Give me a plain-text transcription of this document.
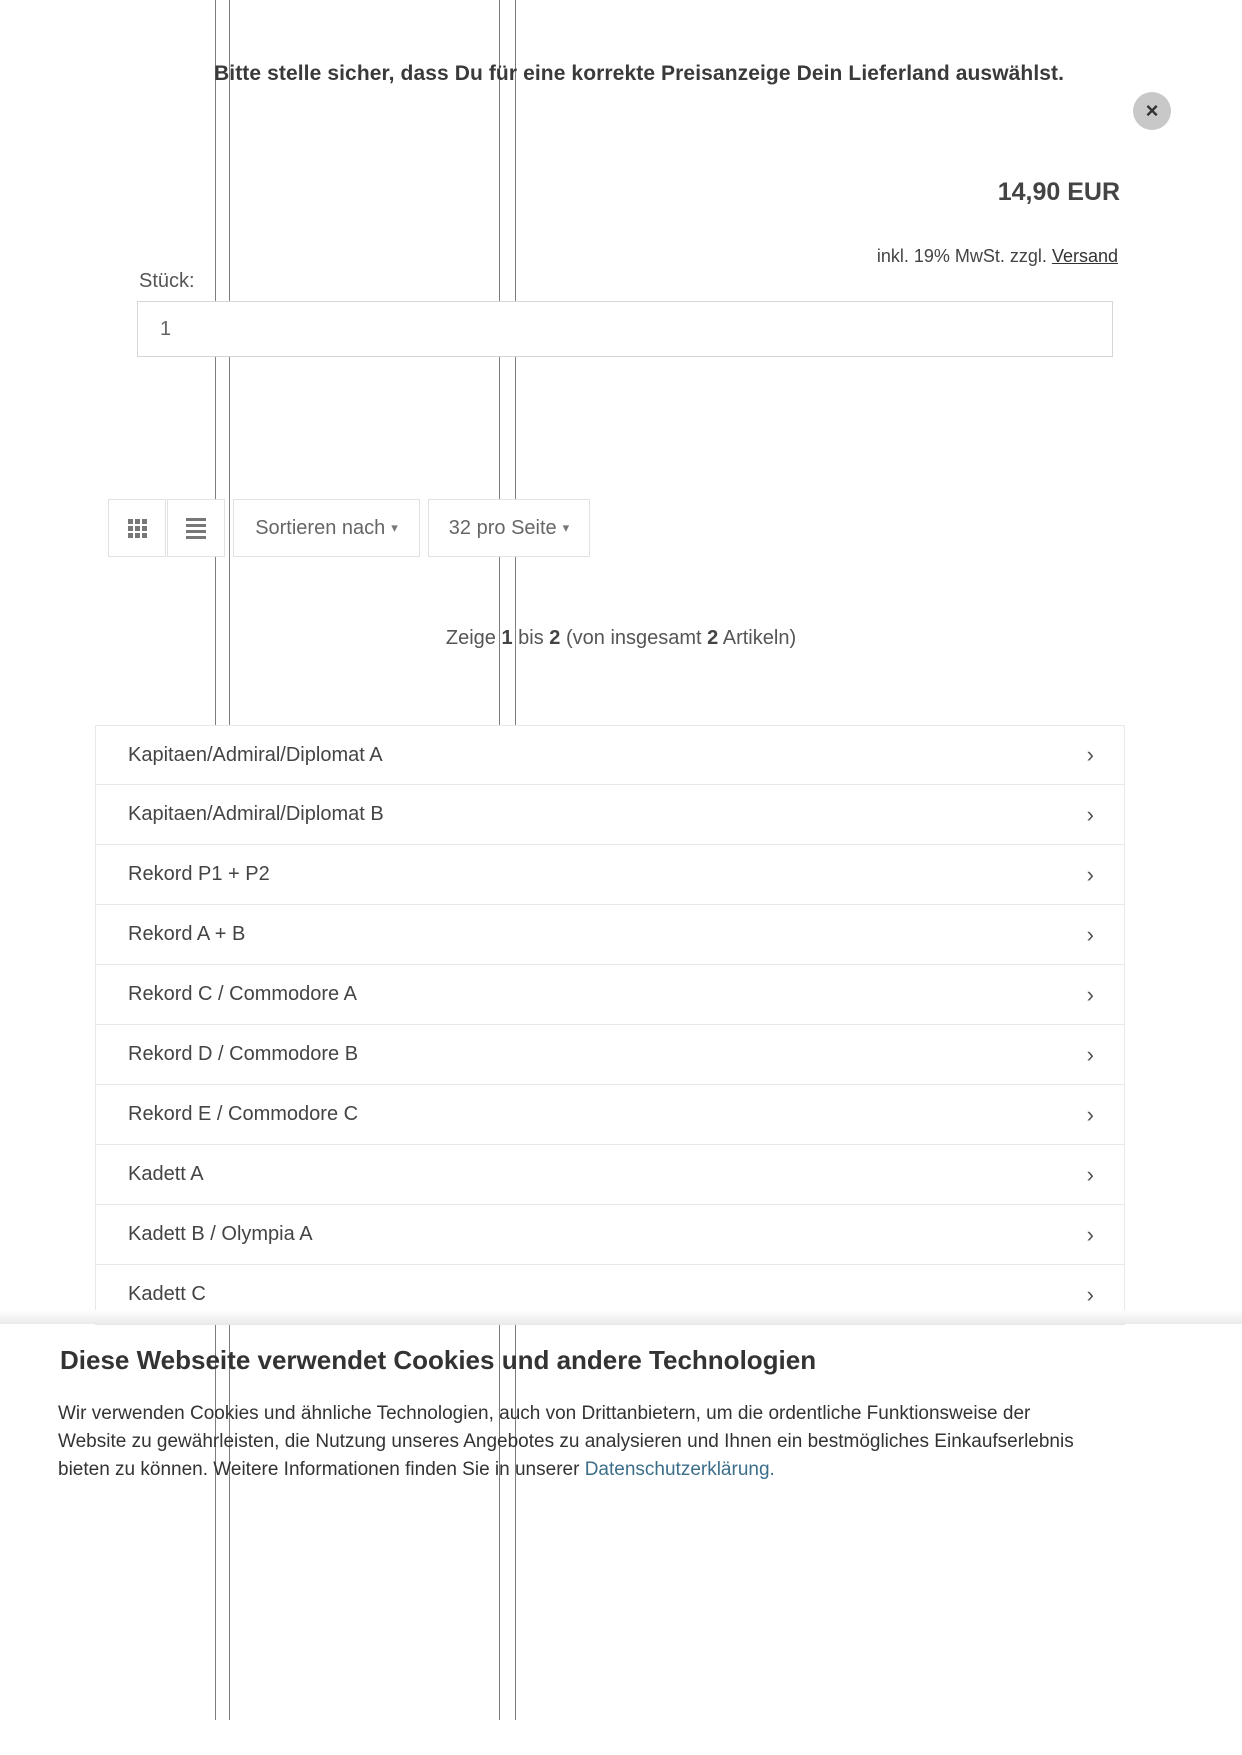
Bitte stelle sicher, dass Du für eine korrekte Preisanzeige Dein Lieferland auswählst.
×
14,90 EUR
inkl. 19% MwSt. zzgl. Versand
Stück:
1
Sortieren nach ▾	32 pro Seite ▾
Zeige 1 bis 2 (von insgesamt 2 Artikeln)
Kapitaen/Admiral/Diplomat A	›
Kapitaen/Admiral/Diplomat B	›
Rekord P1 + P2	›
Rekord A + B	›
Rekord C / Commodore A	›
Rekord D / Commodore B	›
Rekord E / Commodore C	›
Kadett A	›
Kadett B / Olympia A	›
Kadett C	›
Diese Webseite verwendet Cookies und andere Technologien
Wir verwenden Cookies und ähnliche Technologien, auch von Drittanbietern, um die ordentliche Funktionsweise der Website zu gewährleisten, die Nutzung unseres Angebotes zu analysieren und Ihnen ein bestmögliches Einkaufserlebnis bieten zu können. Weitere Informationen finden Sie in unserer Datenschutzerklärung.
